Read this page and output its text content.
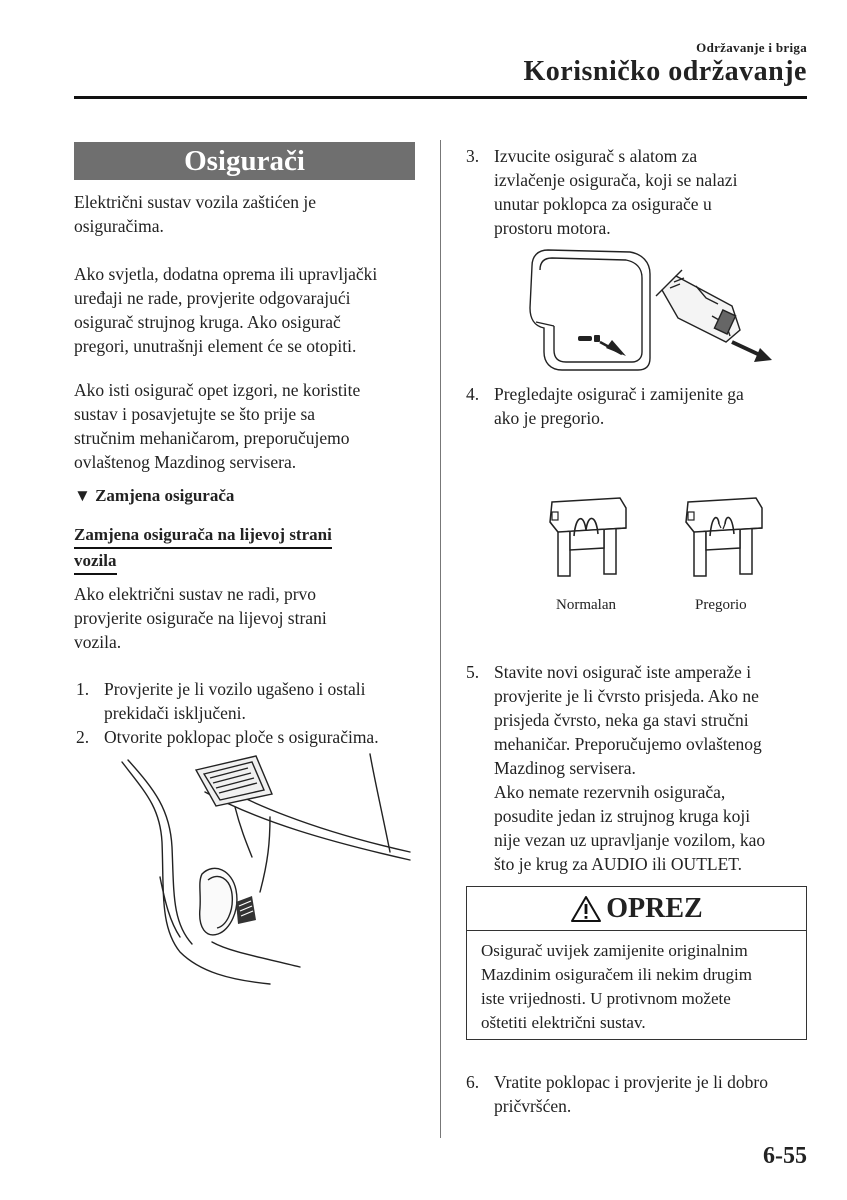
Održavanje i briga
Korisničko održavanje
Osigurači
Električni sustav vozila zaštićen je
osiguračima.
Ako svjetla, dodatna oprema ili upravljački
uređaji ne rade, provjerite odgovarajući
osigurač strujnog kruga. Ako osigurač
pregori, unutrašnji element će se otopiti.
Ako isti osigurač opet izgori, ne koristite
sustav i posavjetujte se što prije sa
stručnim mehaničarom, preporučujemo
ovlaštenog Mazdinog servisera.
▼ Zamjena osigurača
Zamjena osigurača na lijevoj strani
vozila
Ako električni sustav ne radi, prvo
provjerite osigurače na lijevoj strani
vozila.
1. Provjerite je li vozilo ugašeno i ostali
prekidači isključeni.
2. Otvorite poklopac ploče s osiguračima.
3. Izvucite osigurač s alatom za
izvlačenje osigurača, koji se nalazi
unutar poklopca za osigurače u
prostoru motora.
4. Pregledajte osigurač i zamijenite ga
ako je pregorio.
Normalan	Pregorio
5. Stavite novi osigurač iste amperaže i
provjerite je li čvrsto prisjeda. Ako ne
prisjeda čvrsto, neka ga stavi stručni
mehaničar. Preporučujemo ovlaštenog
Mazdinog servisera.
Ako nemate rezervnih osigurača,
posudite jedan iz strujnog kruga koji
nije vezan uz upravljanje vozilom, kao
što je krug za AUDIO ili OUTLET.
OPREZ
Osigurač uvijek zamijenite originalnim
Mazdinim osiguračem ili nekim drugim
iste vrijednosti. U protivnom možete
oštetiti električni sustav.
6. Vratite poklopac i provjerite je li dobro
pričvršćen.
6-55
